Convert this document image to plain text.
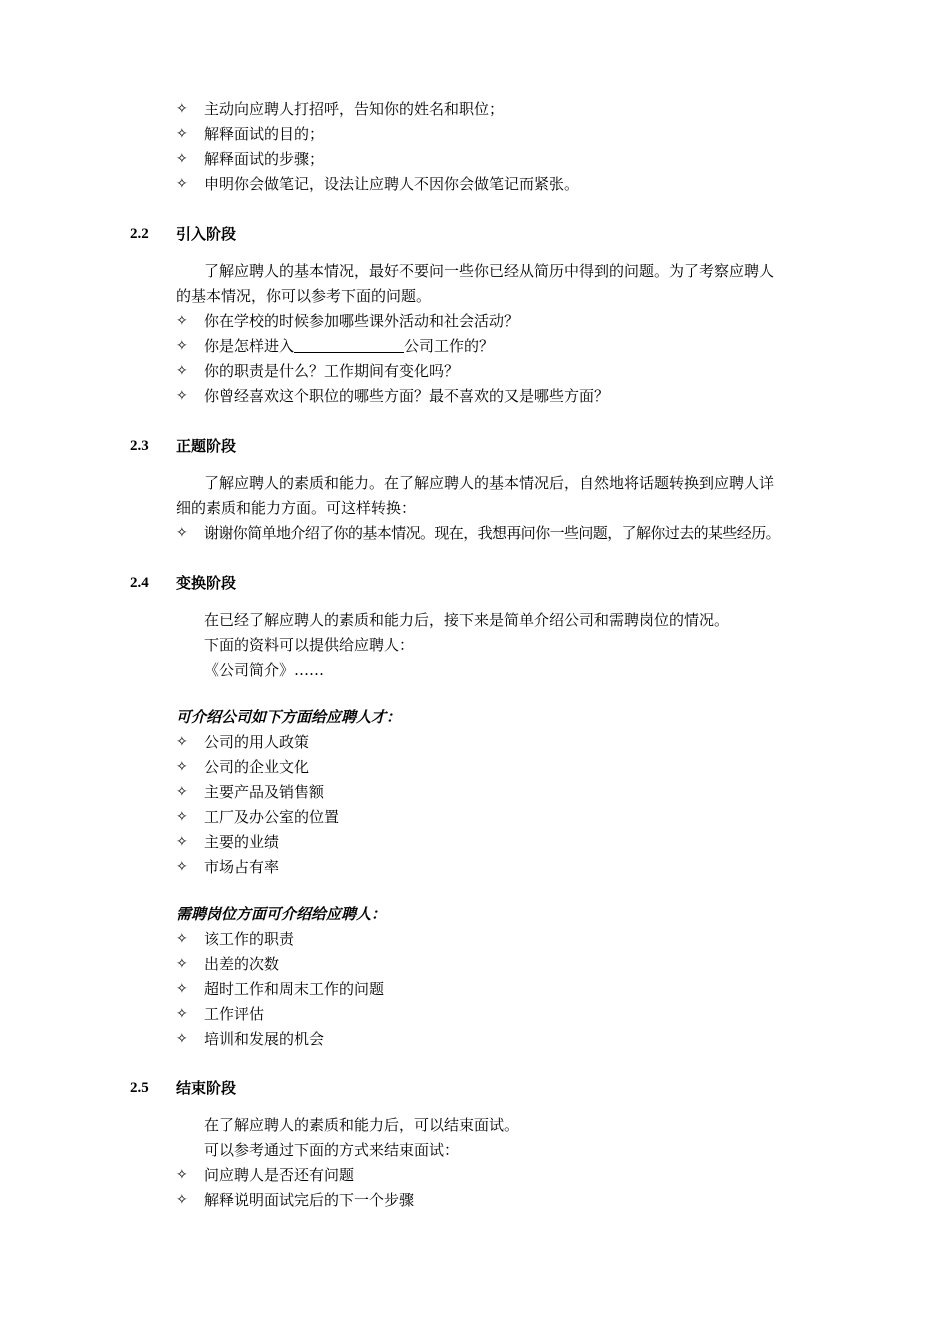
✧ 主动向应聘人打招呼，告知你的姓名和职位；
✧ 解释面试的目的；
✧ 解释面试的步骤；
✧ 申明你会做笔记，设法让应聘人不因你会做笔记而紧张。
2.2 引入阶段
了解应聘人的基本情况，最好不要问一些你已经从简历中得到的问题。为了考察应聘人
的基本情况，你可以参考下面的问题。
✧ 你在学校的时候参加哪些课外活动和社会活动？
✧ 你是怎样进入	公司工作的？
✧ 你的职责是什么？工作期间有变化吗？
✧ 你曾经喜欢这个职位的哪些方面？最不喜欢的又是哪些方面？
2.3 正题阶段
了解应聘人的素质和能力。在了解应聘人的基本情况后，自然地将话题转换到应聘人详
细的素质和能力方面。可这样转换：
✧ 谢谢你简单地介绍了你的基本情况。现在，我想再问你一些问题，了解你过去的某些经历。
2.4 变换阶段
在已经了解应聘人的素质和能力后，接下来是简单介绍公司和需聘岗位的情况。
下面的资料可以提供给应聘人：
《公司简介》……
可介绍公司如下方面给应聘人才：
✧ 公司的用人政策
✧ 公司的企业文化
✧ 主要产品及销售额
✧ 工厂及办公室的位置
✧ 主要的业绩
✧ 市场占有率
需聘岗位方面可介绍给应聘人：
✧ 该工作的职责
✧ 出差的次数
✧ 超时工作和周末工作的问题
✧ 工作评估
✧ 培训和发展的机会
2.5 结束阶段
在了解应聘人的素质和能力后，可以结束面试。
可以参考通过下面的方式来结束面试：
✧ 问应聘人是否还有问题
✧ 解释说明面试完后的下一个步骤
